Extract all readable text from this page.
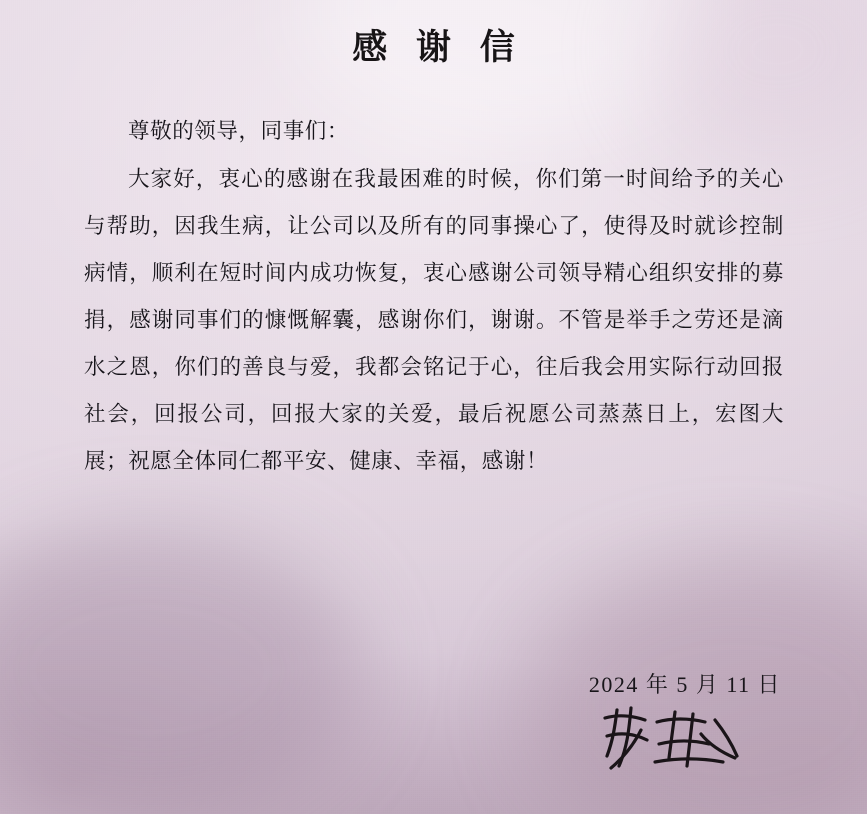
感 谢 信

尊敬的领导，同事们：

大家好，衷心的感谢在我最困难的时候，你们第一时间给予的关心与帮助，因我生病，让公司以及所有的同事操心了，使得及时就诊控制病情，顺利在短时间内成功恢复，衷心感谢公司领导精心组织安排的募捐，感谢同事们的慷慨解囊，感谢你们，谢谢。不管是举手之劳还是滴水之恩，你们的善良与爱，我都会铭记于心，往后我会用实际行动回报社会，回报公司，回报大家的关爱，最后祝愿公司蒸蒸日上，宏图大展；祝愿全体同仁都平安、健康、幸福，感谢！

2024 年 5 月 11 日
